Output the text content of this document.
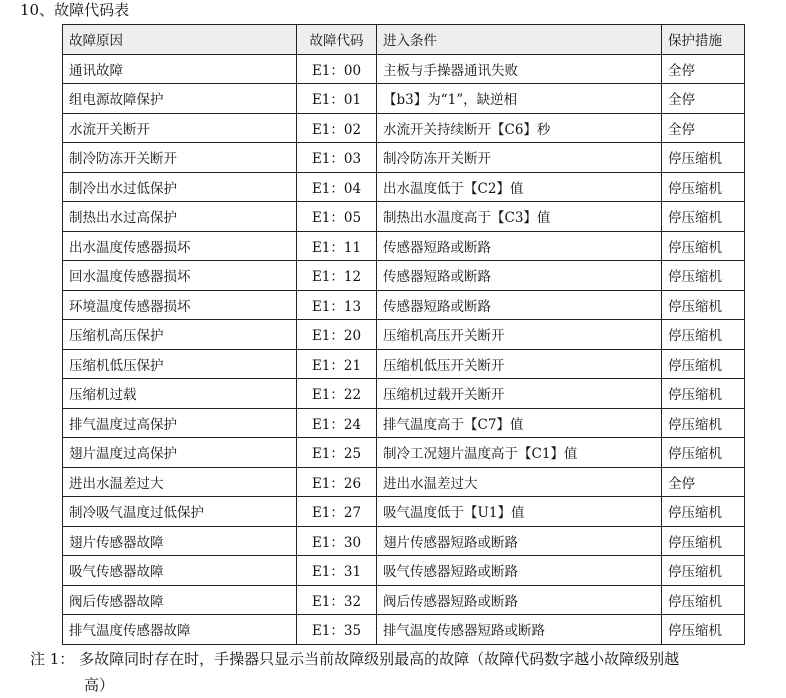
10、故障代码表
故障原因	故障代码	进入条件	保护措施
通讯故障	E1：00	主板与手操器通讯失败	全停
组电源故障保护	E1：01	【b3】为“1”，缺逆相	全停
水流开关断开	E1：02	水流开关持续断开【C6】秒	全停
制冷防冻开关断开	E1：03	制冷防冻开关断开	停压缩机
制冷出水过低保护	E1：04	出水温度低于【C2】值	停压缩机
制热出水过高保护	E1：05	制热出水温度高于【C3】值	停压缩机
出水温度传感器损坏	E1：11	传感器短路或断路	停压缩机
回水温度传感器损坏	E1：12	传感器短路或断路	停压缩机
环境温度传感器损坏	E1：13	传感器短路或断路	停压缩机
压缩机高压保护	E1：20	压缩机高压开关断开	停压缩机
压缩机低压保护	E1：21	压缩机低压开关断开	停压缩机
压缩机过载	E1：22	压缩机过载开关断开	停压缩机
排气温度过高保护	E1：24	排气温度高于【C7】值	停压缩机
翅片温度过高保护	E1：25	制冷工况翅片温度高于【C1】值	停压缩机
进出水温差过大	E1：26	进出水温差过大	全停
制冷吸气温度过低保护	E1：27	吸气温度低于【U1】值	停压缩机
翅片传感器故障	E1：30	翅片传感器短路或断路	停压缩机
吸气传感器故障	E1：31	吸气传感器短路或断路	停压缩机
阀后传感器故障	E1：32	阀后传感器短路或断路	停压缩机
排气温度传感器故障	E1：35	排气温度传感器短路或断路	停压缩机
注 1： 多故障同时存在时，手操器只显示当前故障级别最高的故障（故障代码数字越小故障级别越
高）
